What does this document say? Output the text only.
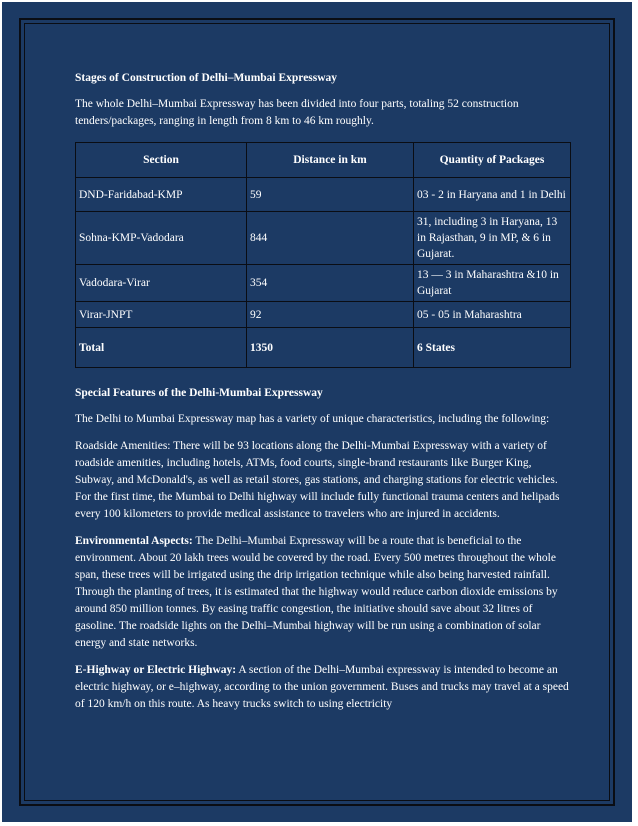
Stages of Construction of Delhi–Mumbai Expressway

The whole Delhi–Mumbai Expressway has been divided into four parts, totaling 52 construction tenders/packages, ranging in length from 8 km to 46 km roughly.

Section	Distance in km	Quantity of Packages
DND-Faridabad-KMP	59	03 - 2 in Haryana and 1 in Delhi
Sohna-KMP-Vadodara	844	31, including 3 in Haryana, 13 in Rajasthan, 9 in MP, & 6 in Gujarat.
Vadodara-Virar	354	13 — 3 in Maharashtra &10 in Gujarat
Virar-JNPT	92	05 - 05 in Maharashtra
Total	1350	6 States

Special Features of the Delhi-Mumbai Expressway

The Delhi to Mumbai Expressway map has a variety of unique characteristics, including the following:

Roadside Amenities: There will be 93 locations along the Delhi-Mumbai Expressway with a variety of roadside amenities, including hotels, ATMs, food courts, single-brand restaurants like Burger King, Subway, and McDonald's, as well as retail stores, gas stations, and charging stations for electric vehicles. For the first time, the Mumbai to Delhi highway will include fully functional trauma centers and helipads every 100 kilometers to provide medical assistance to travelers who are injured in accidents.

Environmental Aspects: The Delhi–Mumbai Expressway will be a route that is beneficial to the environment. About 20 lakh trees would be covered by the road. Every 500 metres throughout the whole span, these trees will be irrigated using the drip irrigation technique while also being harvested rainfall. Through the planting of trees, it is estimated that the highway would reduce carbon dioxide emissions by around 850 million tonnes. By easing traffic congestion, the initiative should save about 32 litres of gasoline. The roadside lights on the Delhi–Mumbai highway will be run using a combination of solar energy and state networks.

E-Highway or Electric Highway: A section of the Delhi–Mumbai expressway is intended to become an electric highway, or e–highway, according to the union government. Buses and trucks may travel at a speed of 120 km/h on this route. As heavy trucks switch to using electricity
